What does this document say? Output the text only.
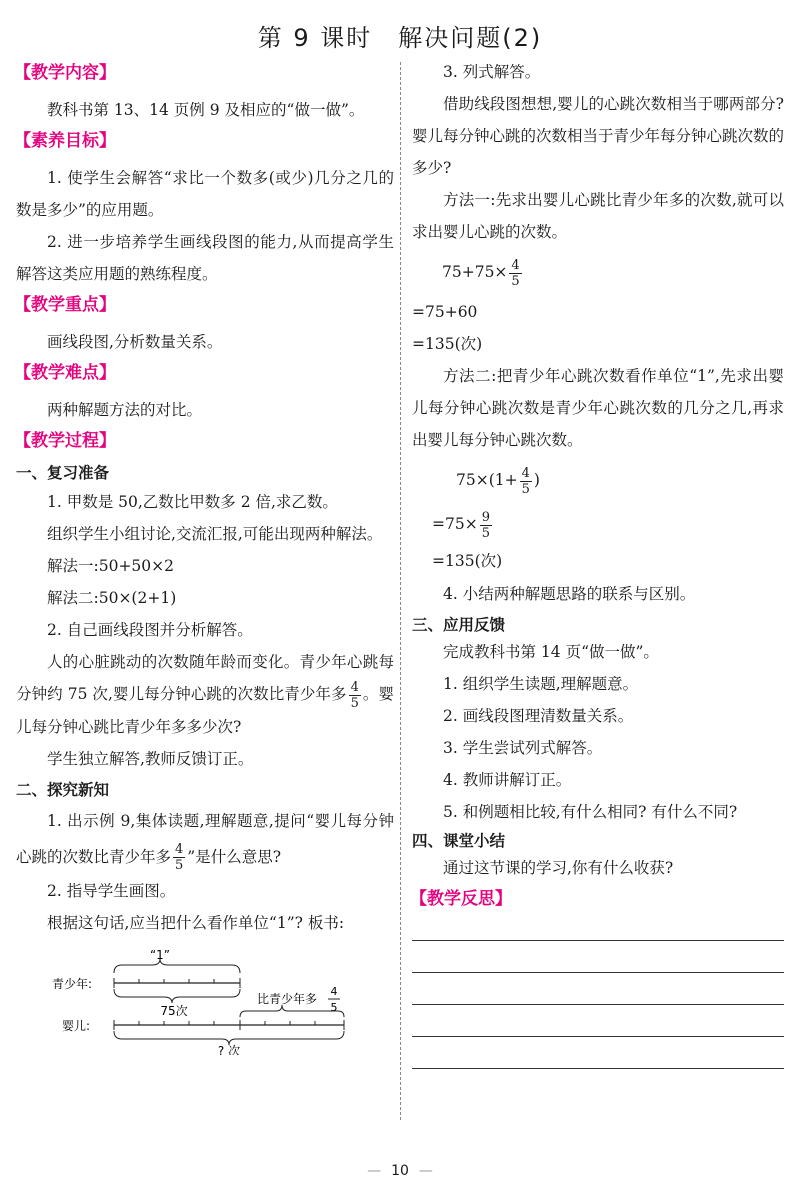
第 9 课时　解决问题(2)
【教学内容】

教科书第 13、14 页例 9 及相应的“做一做”。

【素养目标】

1. 使学生会解答“求比一个数多(或少)几分之几的数是多少”的应用题。

2. 进一步培养学生画线段图的能力,从而提高学生解答这类应用题的熟练程度。

【教学重点】

画线段图,分析数量关系。

【教学难点】

两种解题方法的对比。

【教学过程】
一、复习准备

1. 甲数是 50,乙数比甲数多 2 倍,求乙数。

组织学生小组讨论,交流汇报,可能出现两种解法。

解法一:50+50×2

解法二:50×(2+1)

2. 自己画线段图并分析解答。

人的心脏跳动的次数随年龄而变化。青少年心跳每分钟约 75 次,婴儿每分钟心跳的次数比青少年多 $\frac{4}{5}$ 。婴儿每分钟心跳比青少年多多少次?

学生独立解答,教师反馈订正。

二、探究新知

1. 出示例 9,集体读题,理解题意,提问“婴儿每分钟心跳的次数比青少年多 $\frac{4}{5}$ ”是什么意思?

2. 指导学生画图。

根据这句话,应当把什么看作单位“1”? 板书:

“1”
青少年:
75次
比青少年多
4
5
婴儿:
? 次

3. 列式解答。

借助线段图想想,婴儿的心跳次数相当于哪两部分? 婴儿每分钟心跳的次数相当于青少年每分钟心跳次数的多少?

方法一:先求出婴儿心跳比青少年多的次数,就可以求出婴儿心跳的次数。

$75+75\times \frac{4}{5}$
=75+60
=135(次)

方法二:把青少年心跳次数看作单位“1”,先求出婴儿每分钟心跳次数是青少年心跳次数的几分之几,再求出婴儿每分钟心跳次数。

$75\times(1+ \frac{4}{5}$ )
$=75\times \frac{9}{5}$
=135(次)

4. 小结两种解题思路的联系与区别。

三、应用反馈

完成教科书第 14 页“做一做”。

1. 组织学生读题,理解题意。

2. 画线段图理清数量关系。

3. 学生尝试列式解答。

4. 教师讲解订正。

5. 和例题相比较,有什么相同? 有什么不同?

四、课堂小结

通过这节课的学习,你有什么收获?

【教学反思】
— 10 —
